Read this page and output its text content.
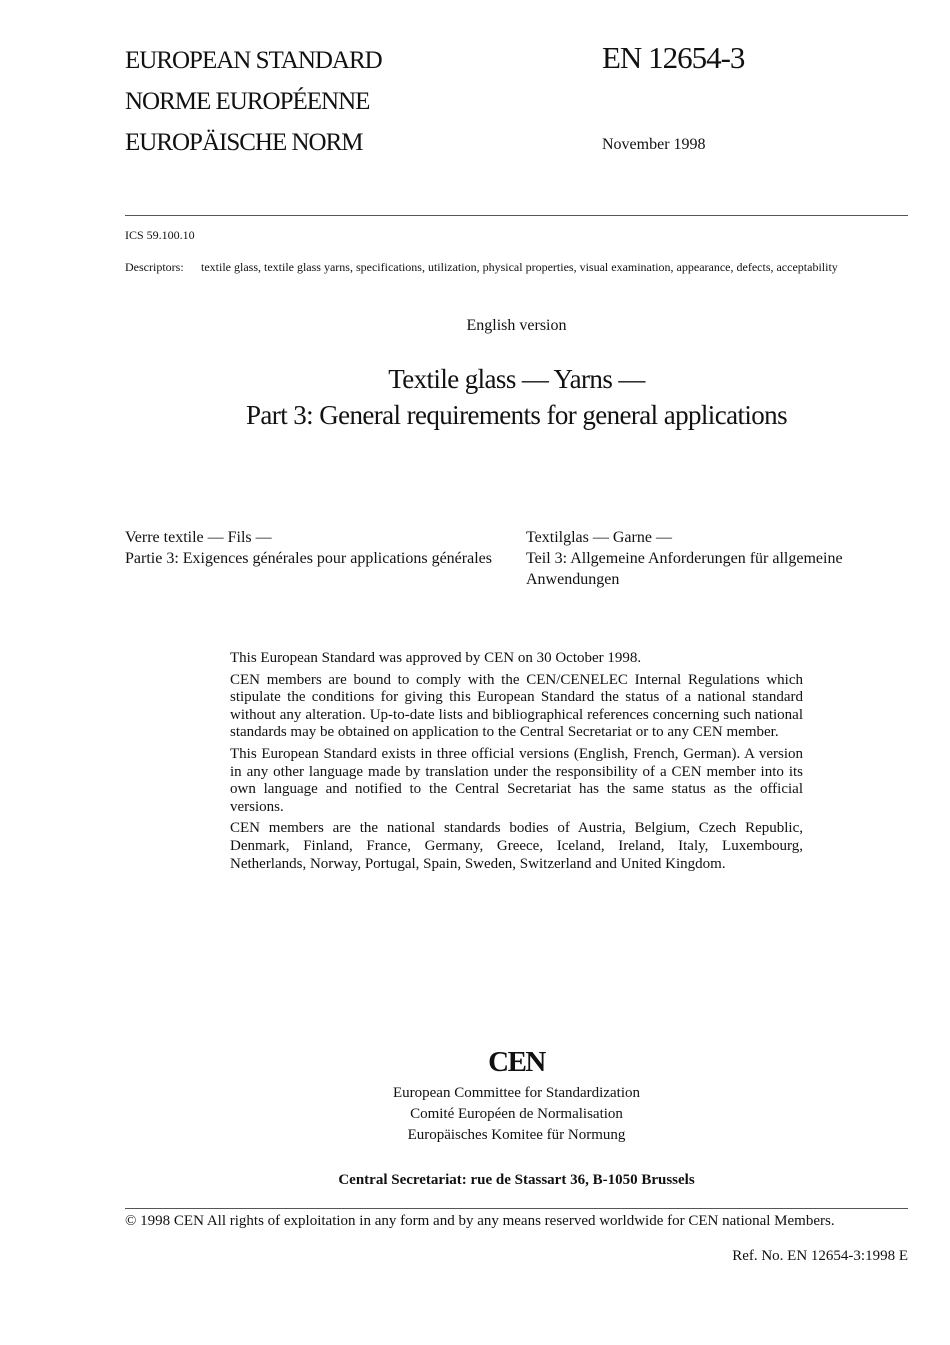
EUROPEAN STANDARD
NORME EUROPÉENNE
EUROPÄISCHE NORM
EN 12654-3
November 1998
ICS 59.100.10
Descriptors: textile glass, textile glass yarns, specifications, utilization, physical properties, visual examination, appearance, defects, acceptability
English version
Textile glass — Yarns —
Part 3: General requirements for general applications
Verre textile — Fils —
Partie 3: Exigences générales pour applications générales
Textilglas — Garne —
Teil 3: Allgemeine Anforderungen für allgemeine Anwendungen

This European Standard was approved by CEN on 30 October 1998.

CEN members are bound to comply with the CEN/CENELEC Internal Regulations which stipulate the conditions for giving this European Standard the status of a national standard without any alteration. Up-to-date lists and bibliographical references concerning such national standards may be obtained on application to the Central Secretariat or to any CEN member.

This European Standard exists in three official versions (English, French, German). A version in any other language made by translation under the responsibility of a CEN member into its own language and notified to the Central Secretariat has the same status as the official versions.

CEN members are the national standards bodies of Austria, Belgium, Czech Republic, Denmark, Finland, France, Germany, Greece, Iceland, Ireland, Italy, Luxembourg, Netherlands, Norway, Portugal, Spain, Sweden, Switzerland and United Kingdom.

CEN
European Committee for Standardization
Comité Européen de Normalisation
Europäisches Komitee für Normung
Central Secretariat: rue de Stassart 36, B-1050 Brussels
© 1998 CEN All rights of exploitation in any form and by any means reserved worldwide for CEN national Members.
Ref. No. EN 12654-3:1998 E
